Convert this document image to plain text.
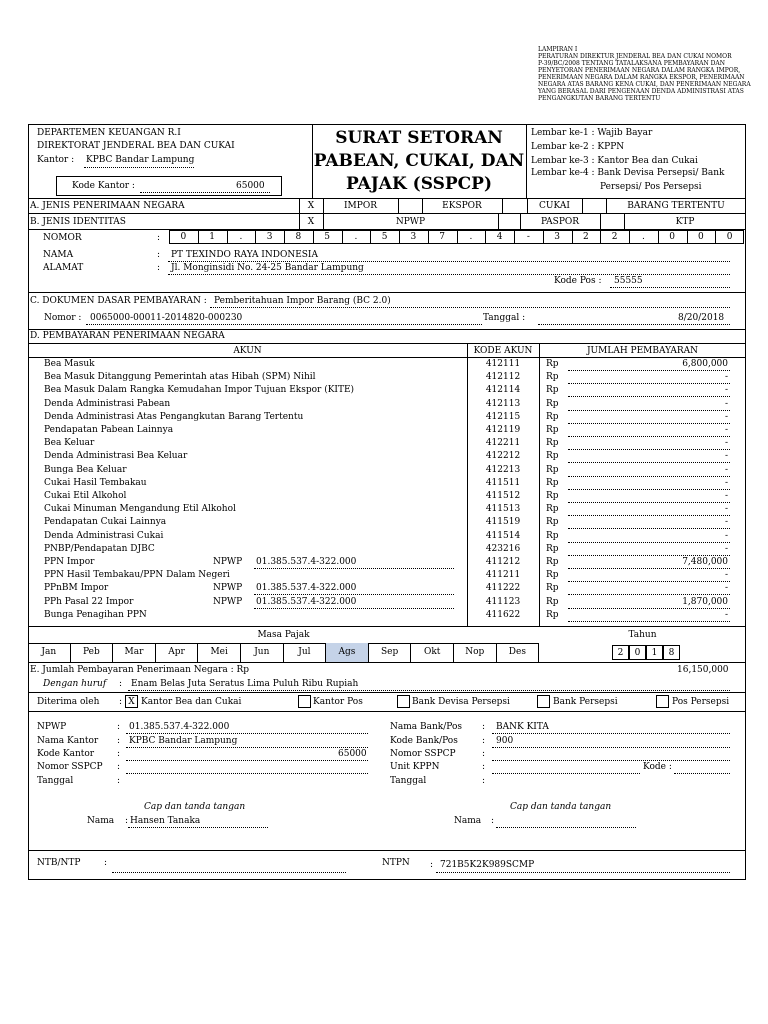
LAMPIRAN I
PERATURAN DIREKTUR JENDERAL BEA DAN CUKAI NOMOR
P-39/BC/2008 TENTANG TATALAKSANA PEMBAYARAN DAN
PENYETORAN PENERIMAAN NEGARA DALAM RANGKA IMPOR,
PENERIMAAN NEGARA DALAM RANGKA EKSPOR, PENERIMAAN
NEGARA ATAS BARANG KENA CUKAI, DAN PENERIMAAN NEGARA
YANG BERASAL DARI PENGENAAN DENDA ADMINISTRASI ATAS
PENGANGKUTAN BARANG TERTENTU
DEPARTEMEN KEUANGAN R.I
DIREKTORAT JENDERAL BEA DAN CUKAI
Kantor : KPBC Bandar Lampung
Kode Kantor :	65000
SURAT SETORAN
PABEAN, CUKAI, DAN
PAJAK (SSPCP)
Lembar ke-1 : Wajib Bayar
Lembar ke-2 : KPPN
Lembar ke-3 : Kantor Bea dan Cukai
Lembar ke-4 : Bank Devisa Persepsi/ Bank
Persepsi/ Pos Persepsi
A. JENIS PENERIMAAN NEGARA	X	IMPOR	EKSPOR	CUKAI	BARANG TERTENTU
B. JENIS IDENTITAS	X	NPWP	PASPOR	KTP
NOMOR	:	0	1	.	3	8	5	.	5	3	7	.	4	-	3	2	2	.	0	0	0
NAMA	: PT TEXINDO RAYA INDONESIA
ALAMAT	: Jl. Monginsidi No. 24-25 Bandar Lampung
Kode Pos : 55555
C. DOKUMEN DASAR PEMBAYARAN : Pemberitahuan Impor Barang (BC 2.0)
Nomor : 0065000-00011-2014820-000230	Tanggal :	8/20/2018
D. PEMBAYARAN PENERIMAAN NEGARA
AKUN	KODE AKUN	JUMLAH PEMBAYARAN
Bea Masuk	412111	Rp	6,800,000
Bea Masuk Ditanggung Pemerintah atas Hibah (SPM) Nihil	412112	Rp	-
Bea Masuk Dalam Rangka Kemudahan Impor Tujuan Ekspor (KITE)	412114	Rp	-
Denda Administrasi Pabean	412113	Rp	-
Denda Administrasi Atas Pengangkutan Barang Tertentu	412115	Rp	-
Pendapatan Pabean Lainnya	412119	Rp	-
Bea Keluar	412211	Rp	-
Denda Administrasi Bea Keluar	412212	Rp	-
Bunga Bea Keluar	412213	Rp	-
Cukai Hasil Tembakau	411511	Rp	-
Cukai Etil Alkohol	411512	Rp	-
Cukai Minuman Mengandung Etil Alkohol	411513	Rp	-
Pendapatan Cukai Lainnya	411519	Rp	-
Denda Administrasi Cukai	411514	Rp	-
PNBP/Pendapatan DJBC	423216	Rp	-
PPN Impor	NPWP 01.385.537.4-322.000	411212	Rp	7,480,000
PPN Hasil Tembakau/PPN Dalam Negeri	411211	Rp	-
PPnBM Impor	NPWP 01.385.537.4-322.000	411222	Rp	-
PPh Pasal 22 Impor	NPWP 01.385.537.4-322.000	411123	Rp	1,870,000
Bunga Penagihan PPN	411622	Rp	-
Masa Pajak	Tahun
Jan	Peb	Mar	Apr	Mei	Jun	Jul	Ags	Sep	Okt	Nop	Des	2	0	1	8
E. Jumlah Pembayaran Penerimaan Negara : Rp	16,150,000
Dengan huruf : Enam Belas Juta Seratus Lima Puluh Ribu Rupiah
Diterima oleh : X Kantor Bea dan Cukai	Kantor Pos	Bank Devisa Persepsi	Bank Persepsi	Pos Persepsi
NPWP	: 01.385.537.4-322.000
Nama Kantor : KPBC Bandar Lampung
Kode Kantor	:	65000
Nomor SSPCP :
Tanggal	:
Cap dan tanda tangan
Nama : Hansen Tanaka
Nama Bank/Pos : BANK KITA
Kode Bank/Pos	: 900
Nomor SSPCP	:
Unit KPPN	:	Kode :
Tanggal	:
Cap dan tanda tangan
Nama :
NTB/NTP	:	NTPN : 721B5K2K989SCMP
